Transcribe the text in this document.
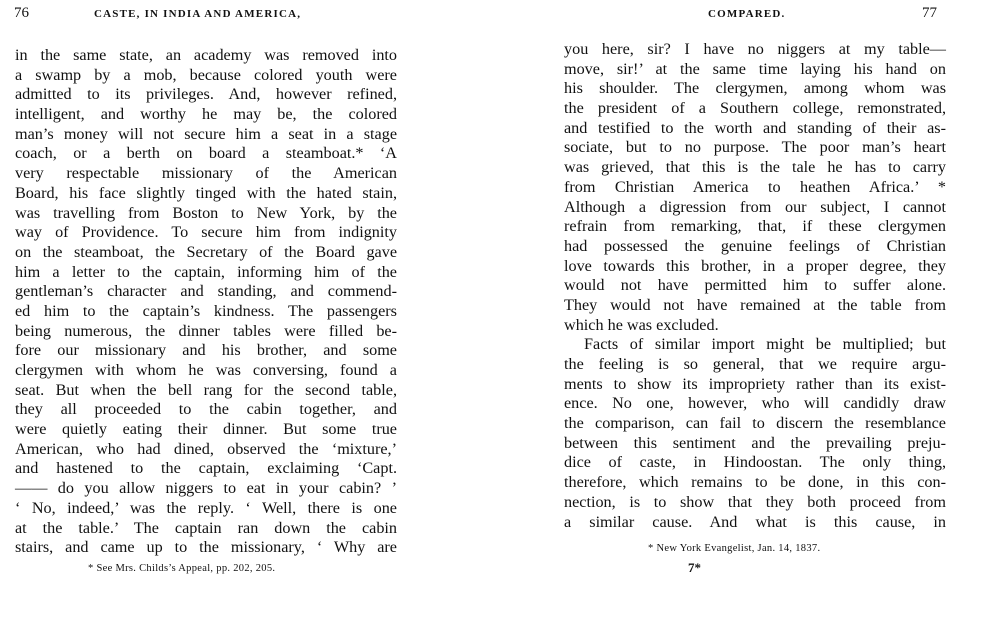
76	CASTE, IN INDIA AND AMERICA,
in the same state, an academy was removed into
a swamp by a mob, because colored youth were
admitted to its privileges. And, however refined,
intelligent, and worthy he may be, the colored
man’s money will not secure him a seat in a stage
coach, or a berth on board a steamboat.* ‘A
very respectable missionary of the American
Board, his face slightly tinged with the hated stain,
was travelling from Boston to New York, by the
way of Providence. To secure him from indignity
on the steamboat, the Secretary of the Board gave
him a letter to the captain, informing him of the
gentleman’s character and standing, and commend-
ed him to the captain’s kindness. The passengers
being numerous, the dinner tables were filled be-
fore our missionary and his brother, and some
clergymen with whom he was conversing, found a
seat. But when the bell rang for the second table,
they all proceeded to the cabin together, and
were quietly eating their dinner. But some true
American, who had dined, observed the ‘mixture,’
and hastened to the captain, exclaiming ‘Capt.
—— do you allow niggers to eat in your cabin? ’
‘ No, indeed,’ was the reply. ‘ Well, there is one
at the table.’ The captain ran down the cabin
stairs, and came up to the missionary, ‘ Why are
* See Mrs. Childs’s Appeal, pp. 202, 205.
COMPARED.	77
you here, sir? I have no niggers at my table—
move, sir!’ at the same time laying his hand on
his shoulder. The clergymen, among whom was
the president of a Southern college, remonstrated,
and testified to the worth and standing of their as-
sociate, but to no purpose. The poor man’s heart
was grieved, that this is the tale he has to carry
from Christian America to heathen Africa.’ *
Although a digression from our subject, I cannot
refrain from remarking, that, if these clergymen
had possessed the genuine feelings of Christian
love towards this brother, in a proper degree, they
would not have permitted him to suffer alone.
They would not have remained at the table from
which he was excluded.
Facts of similar import might be multiplied; but
the feeling is so general, that we require argu-
ments to show its impropriety rather than its exist-
ence. No one, however, who will candidly draw
the comparison, can fail to discern the resemblance
between this sentiment and the prevailing preju-
dice of caste, in Hindoostan. The only thing,
therefore, which remains to be done, in this con-
nection, is to show that they both proceed from
a similar cause. And what is this cause, in
* New York Evangelist, Jan. 14, 1837.
7*
